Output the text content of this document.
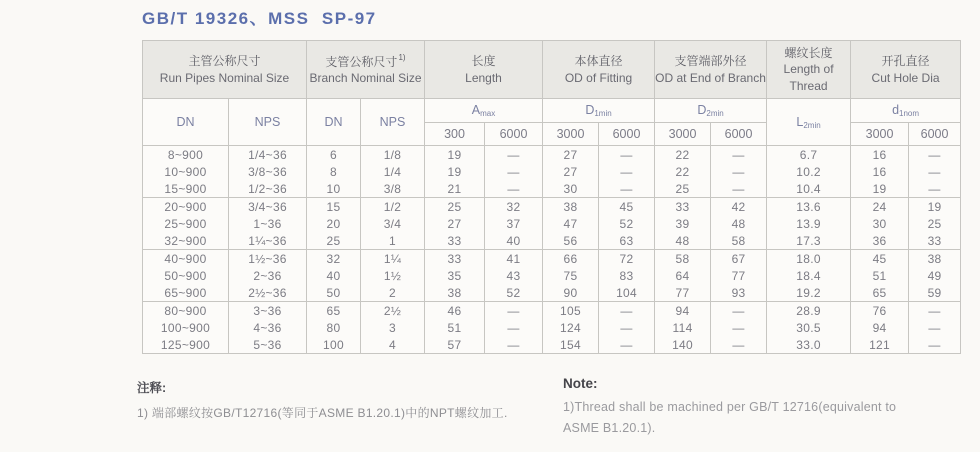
GB/T 19326、MSS  SP-97
主管公称尺寸
Run Pipes Nominal Size

支管公称尺寸$^{1)}$
Branch Nominal Size

长度
Length

本体直径
OD of Fitting

支管端部外径
OD at End of Branch

螺纹长度
Length of Thread

开孔直径
Cut Hole Dia

DN	NPS	DN	NPS	$A_{max}$		$D_{1min}$		$D_{2min}$		$L_{2min}$	$d_{1nom}$
				300	6000	3000	6000	3000	6000		3000	6000
8~900	1/4~36	6	1/8	19	—	27	—	22	—	6.7	16	—
10~900	3/8~36	8	1/4	19	—	27	—	22	—	10.2	16	—
15~900	1/2~36	10	3/8	21	—	30	—	25	—	10.4	19	—
20~900	3/4~36	15	1/2	25	32	38	45	33	42	13.6	24	19
25~900	1~36	20	3/4	27	37	47	52	39	48	13.9	30	25
32~900	1¼~36	25	1	33	40	56	63	48	58	17.3	36	33
40~900	1½~36	32	1¼	33	41	66	72	58	67	18.0	45	38
50~900	2~36	40	1½	35	43	75	83	64	77	18.4	51	49
65~900	2½~36	50	2	38	52	90	104	77	93	19.2	65	59
80~900	3~36	65	2½	46	—	105	—	94	—	28.9	76	—
100~900	4~36	80	3	51	—	124	—	114	—	30.5	94	—
125~900	5~36	100	4	57	—	154	—	140	—	33.0	121	—
注释:
1) 端部螺纹按GB/T12716(等同于ASME B1.20.1)中的NPT螺纹加工.
Note:
1)Thread shall be machined per GB/T 12716(equivalent to ASME B1.20.1).
